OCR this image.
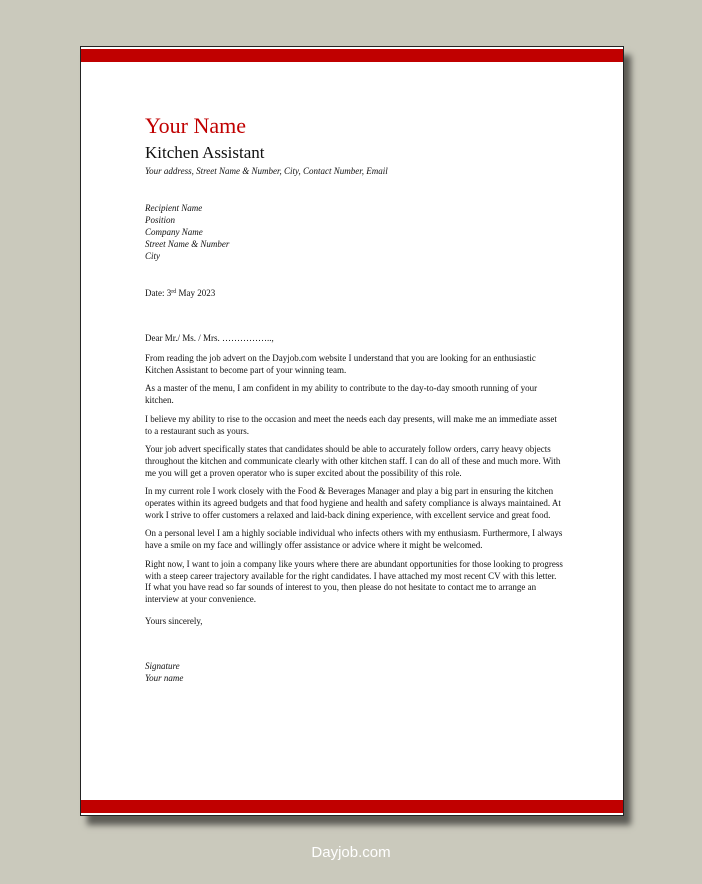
Your Name
Kitchen Assistant
Your address, Street Name & Number, City, Contact Number, Email
Recipient Name
Position
Company Name
Street Name & Number
City
Date: 3rd May 2023
Dear Mr./ Ms. / Mrs. ……………..,

From reading the job advert on the Dayjob.com website I understand that you are looking for an enthusiastic Kitchen Assistant to become part of your winning team.

As a master of the menu, I am confident in my ability to contribute to the day-to-day smooth running of your kitchen.

I believe my ability to rise to the occasion and meet the needs each day presents, will make me an immediate asset to a restaurant such as yours.

Your job advert specifically states that candidates should be able to accurately follow orders, carry heavy objects throughout the kitchen and communicate clearly with other kitchen staff. I can do all of these and much more. With me you will get a proven operator who is super excited about the possibility of this role.

In my current role I work closely with the Food & Beverages Manager and play a big part in ensuring the kitchen operates within its agreed budgets and that food hygiene and health and safety compliance is always maintained. At work I strive to offer customers a relaxed and laid-back dining experience, with excellent service and great food.

On a personal level I am a highly sociable individual who infects others with my enthusiasm. Furthermore, I always have a smile on my face and willingly offer assistance or advice where it might be welcomed.

Right now, I want to join a company like yours where there are abundant opportunities for those looking to progress with a steep career trajectory available for the right candidates. I have attached my most recent CV with this letter. If what you have read so far sounds of interest to you, then please do not hesitate to contact me to arrange an interview at your convenience.

Yours sincerely,
Signature
Your name
Dayjob.com
